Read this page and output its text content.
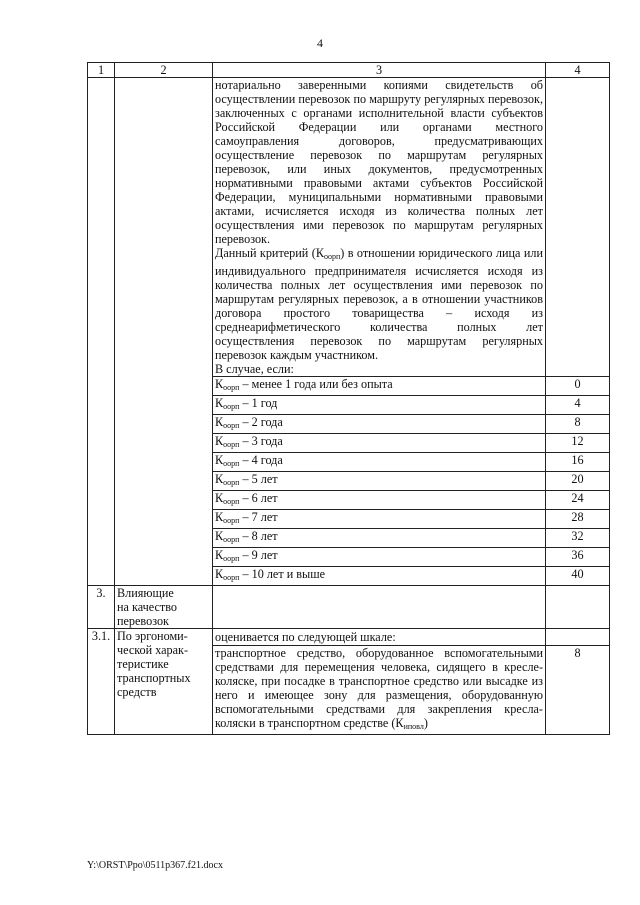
4
1	2	3	4

		нотариально заверенными копиями свидетельств об осуществлении перевозок по маршруту регулярных перевозок, заключенных с органами исполнительной власти субъектов Российской Федерации или органами местного самоуправления договоров, предусматривающих осуществление перевозок по маршрутам регулярных перевозок, или иных документов, предусмотренных нормативными правовыми актами субъектов Российской Федерации, муниципальными нормативными правовыми актами, исчисляется исходя из количества полных лет осуществления ими перевозок по маршрутам регулярных перевозок.

Данный критерий $(К_{оорп})$ в отношении юридического лица или индивидуального предпринимателя исчисляется исходя из количества полных лет осуществления ими перевозок по маршрутам регулярных перевозок, а в отношении участников договора простого товарищества – исходя из среднеарифметического количества полных лет осуществления перевозок по маршрутам регулярных перевозок каждым участником.

В случае, если:	

		$К_{оорп}$ – менее 1 года или без опыта	0
		$К_{оорп} - 1$ год	4
		$К_{оорп} - 2$ года	8
		$К_{оорп} - 3$ года	12
		$К_{оорп} - 4$ года	16
		$К_{оорп} - 5$ лет	20
		$К_{оорп} - 6$ лет	24
		$К_{оорп} - 7$ лет	28
		$К_{оорп} - 8$ лет	32
		$К_{оорп} - 9$ лет	36
		$К_{оорп} - 10$ лет и выше	40
3.	Влияющие
на качество
перевозок		

3.1.	По эргономи-
ческой харак-
теристике
транспортных
средств	оценивается по следующей шкале:	

		транспортное средство, оборудованное вспомогательными средствами для перемещения человека, сидящего в кресле-коляске, при посадке в транспортное средство или высадке из него и имеющее зону для размещения, оборудованную вспомогательными средствами для закрепления кресла-коляски в транспортном средстве $(К_{иповл})$	8
Y:\ORST\Ppo\0511p367.f21.docx
